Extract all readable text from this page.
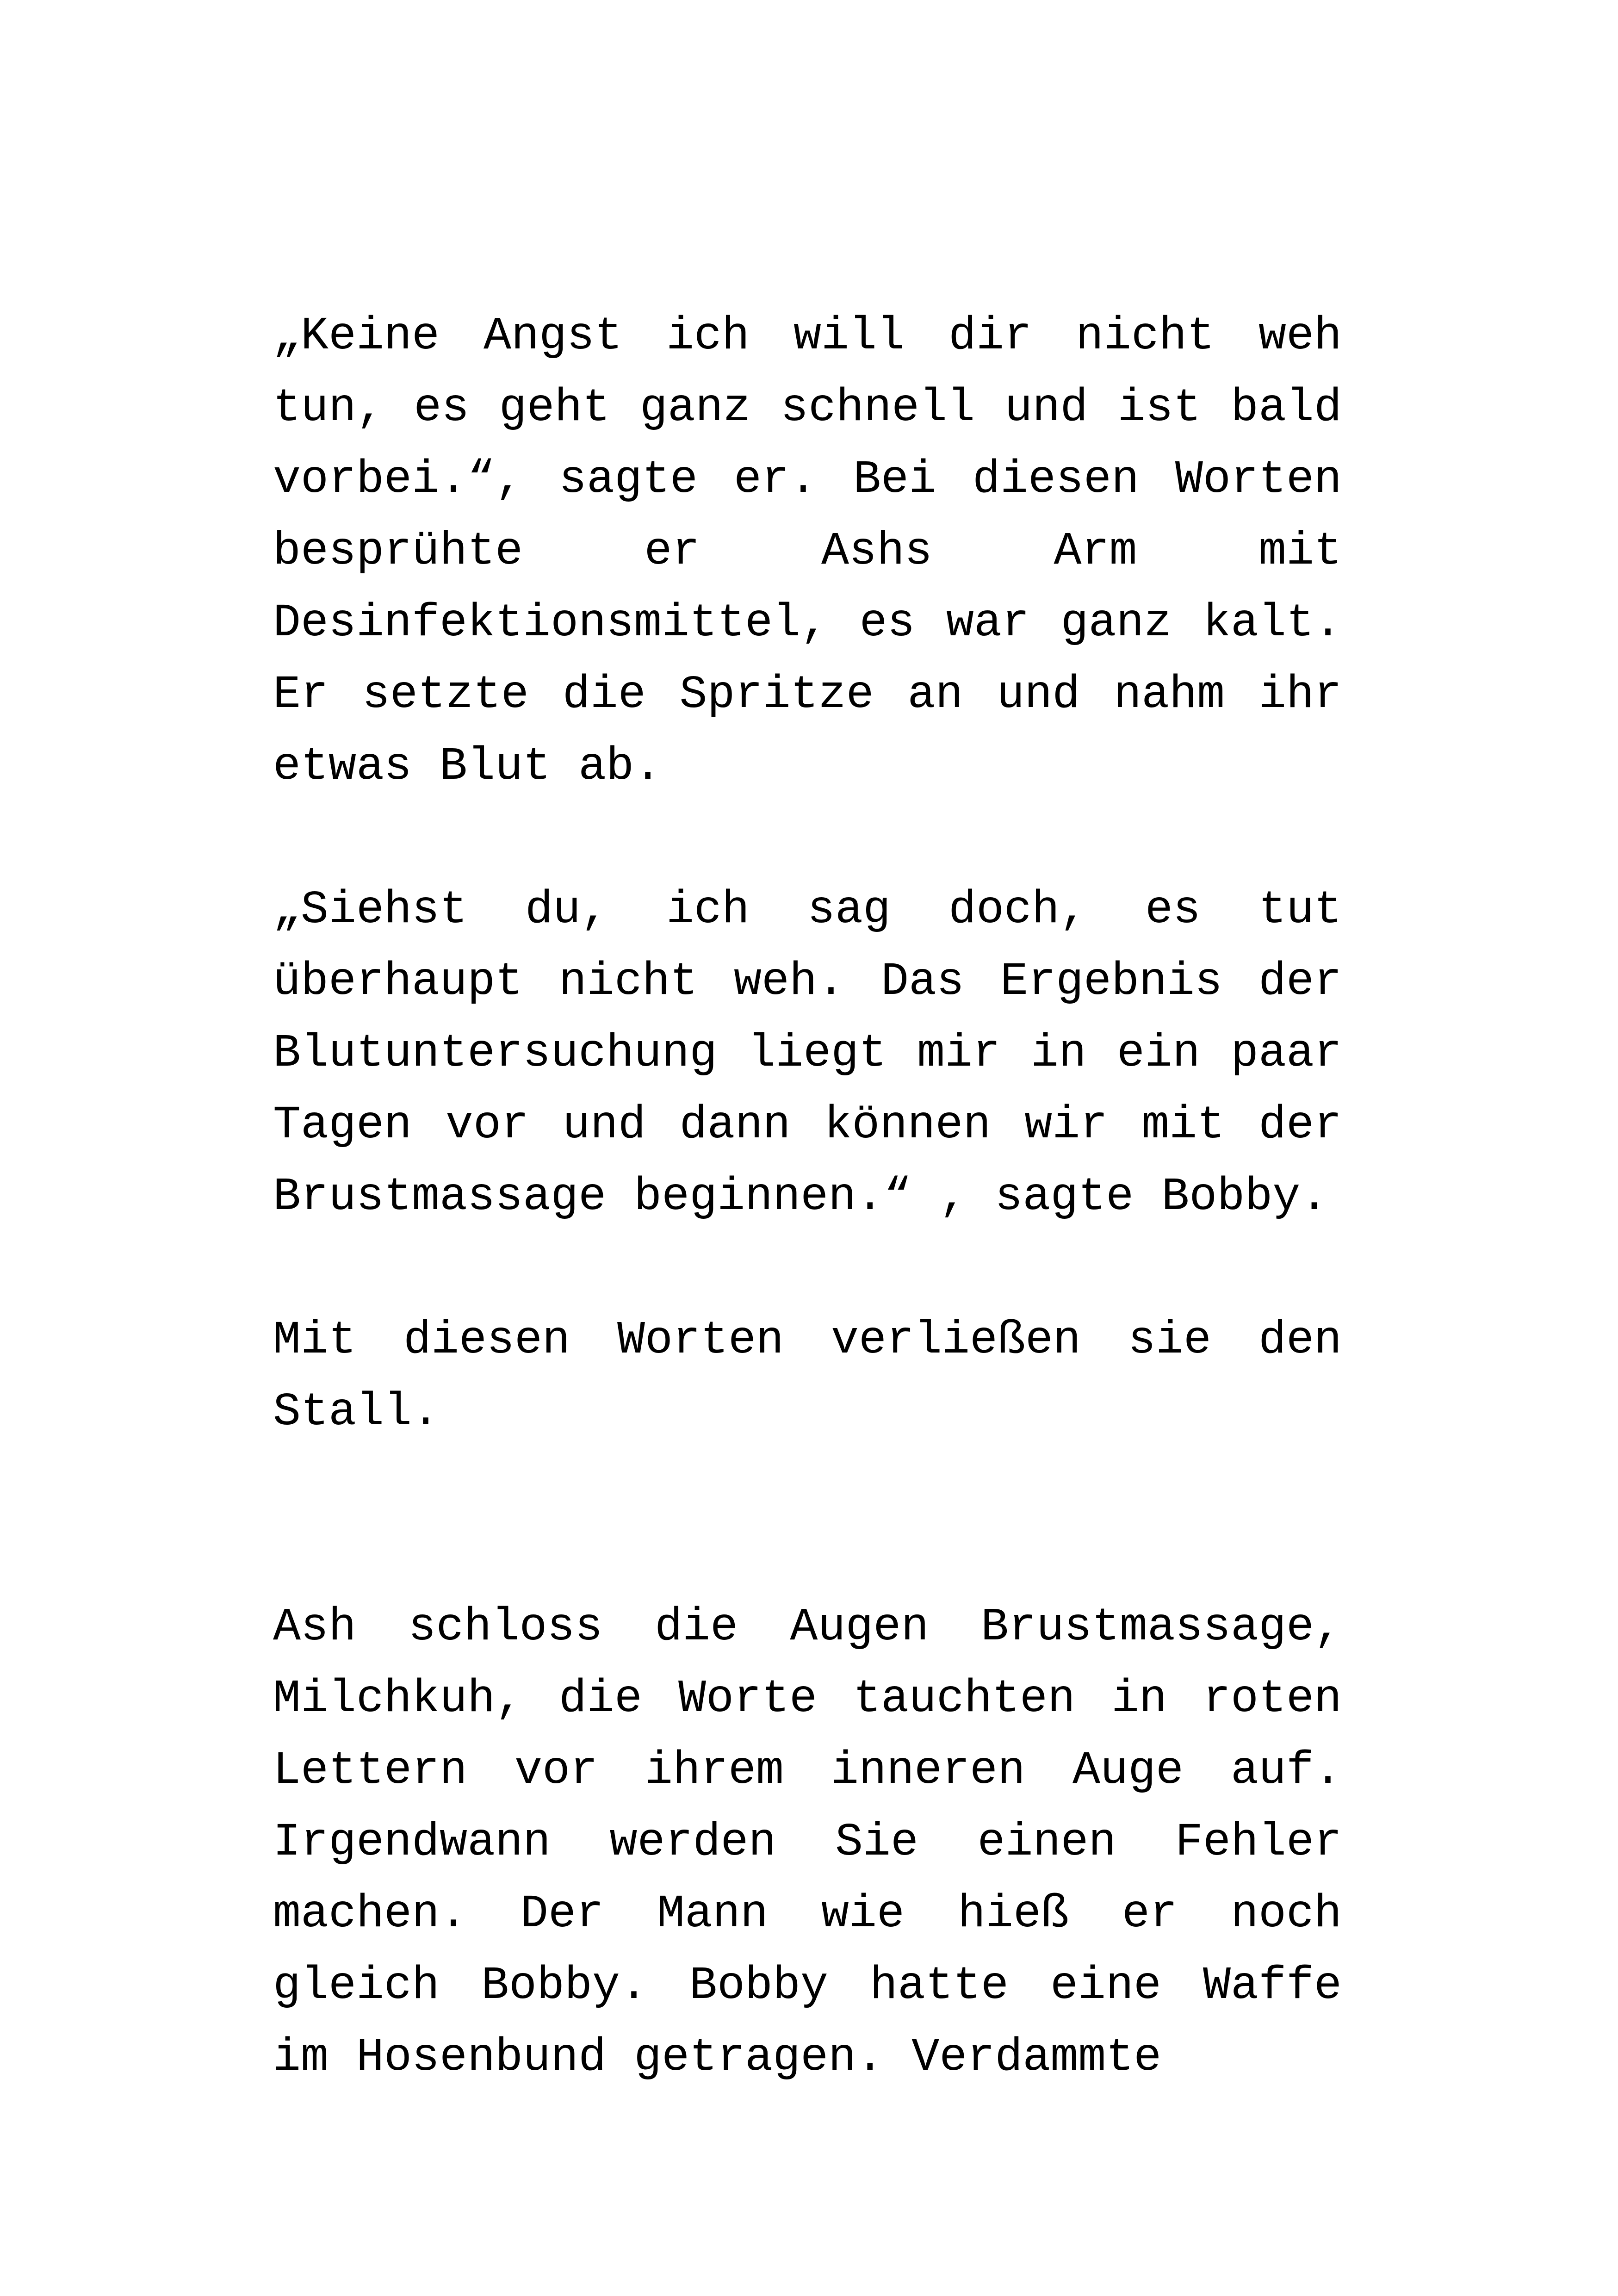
„Keine Angst ich will dir nicht weh tun, es geht ganz schnell und ist bald vorbei.“, sagte er. Bei diesen Worten besprühte er Ashs Arm mit Desinfektionsmittel, es war ganz kalt. Er setzte die Spritze an und nahm ihr etwas Blut ab.

„Siehst du, ich sag doch, es tut überhaupt nicht weh. Das Ergebnis der Blutuntersuchung liegt mir in ein paar Tagen vor und dann können wir mit der Brustmassage beginnen.“ , sagte Bobby.

Mit diesen Worten verließen sie den Stall.

Ash schloss die Augen Brustmassage, Milchkuh, die Worte tauchten in roten Lettern vor ihrem inneren Auge auf. Irgendwann werden Sie einen Fehler machen. Der Mann wie hieß er noch gleich Bobby. Bobby hatte eine Waffe im Hosenbund getragen. Verdammte
